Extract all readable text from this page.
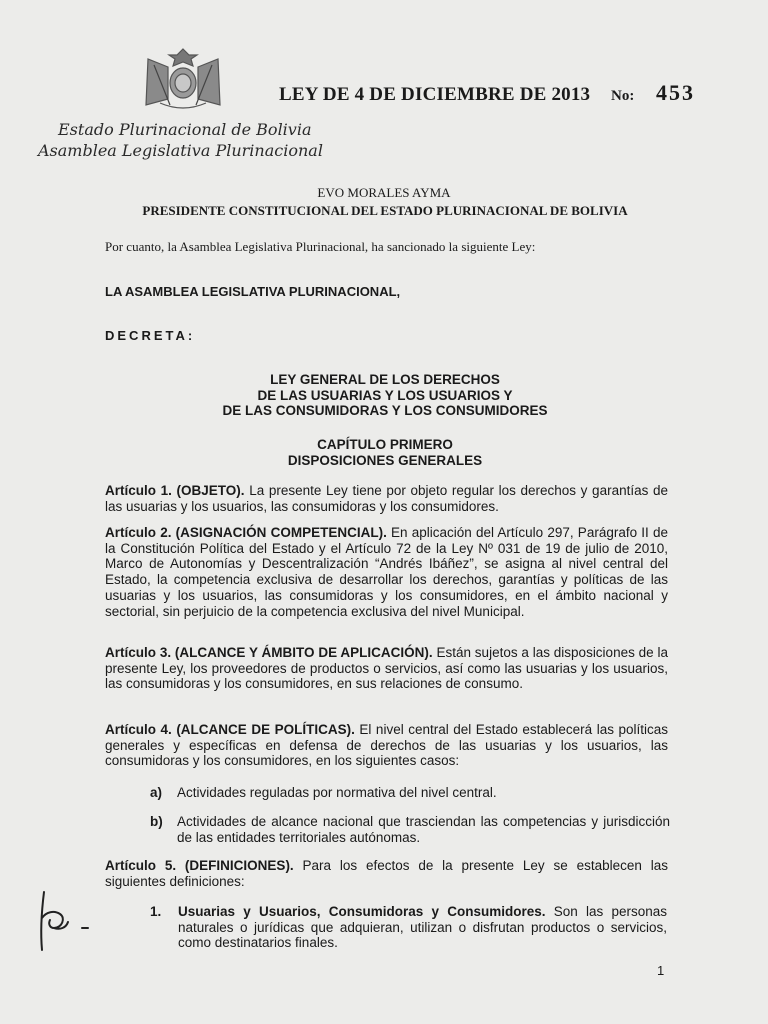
LEY DE 4 DE DICIEMBRE DE 2013 No: 453
Estado Plurinacional de Bolivia
Asamblea Legislativa Plurinacional
EVO MORALES AYMA
PRESIDENTE CONSTITUCIONAL DEL ESTADO PLURINACIONAL DE BOLIVIA
Por cuanto, la Asamblea Legislativa Plurinacional, ha sancionado la siguiente Ley:
LA ASAMBLEA LEGISLATIVA PLURINACIONAL,
DECRETA:
LEY GENERAL DE LOS DERECHOS
DE LAS USUARIAS Y LOS USUARIOS Y
DE LAS CONSUMIDORAS Y LOS CONSUMIDORES
CAPÍTULO PRIMERO
DISPOSICIONES GENERALES
Artículo 1. (OBJETO). La presente Ley tiene por objeto regular los derechos y garantías de las usuarias y los usuarios, las consumidoras y los consumidores.
Artículo 2. (ASIGNACIÓN COMPETENCIAL). En aplicación del Artículo 297, Parágrafo II de la Constitución Política del Estado y el Artículo 72 de la Ley Nº 031 de 19 de julio de 2010, Marco de Autonomías y Descentralización “Andrés Ibáñez”, se asigna al nivel central del Estado, la competencia exclusiva de desarrollar los derechos, garantías y políticas de las usuarias y los usuarios, las consumidoras y los consumidores, en el ámbito nacional y sectorial, sin perjuicio de la competencia exclusiva del nivel Municipal.
Artículo 3. (ALCANCE Y ÁMBITO DE APLICACIÓN). Están sujetos a las disposiciones de la presente Ley, los proveedores de productos o servicios, así como las usuarias y los usuarios, las consumidoras y los consumidores, en sus relaciones de consumo.
Artículo 4. (ALCANCE DE POLÍTICAS). El nivel central del Estado establecerá las políticas generales y específicas en defensa de derechos de las usuarias y los usuarios, las consumidoras y los consumidores, en los siguientes casos:
a) Actividades reguladas por normativa del nivel central.
b) Actividades de alcance nacional que trasciendan las competencias y jurisdicción de las entidades territoriales autónomas.
Artículo 5. (DEFINICIONES). Para los efectos de la presente Ley se establecen las siguientes definiciones:
1. Usuarias y Usuarios, Consumidoras y Consumidores. Son las personas naturales o jurídicas que adquieran, utilizan o disfrutan productos o servicios, como destinatarios finales.
1
